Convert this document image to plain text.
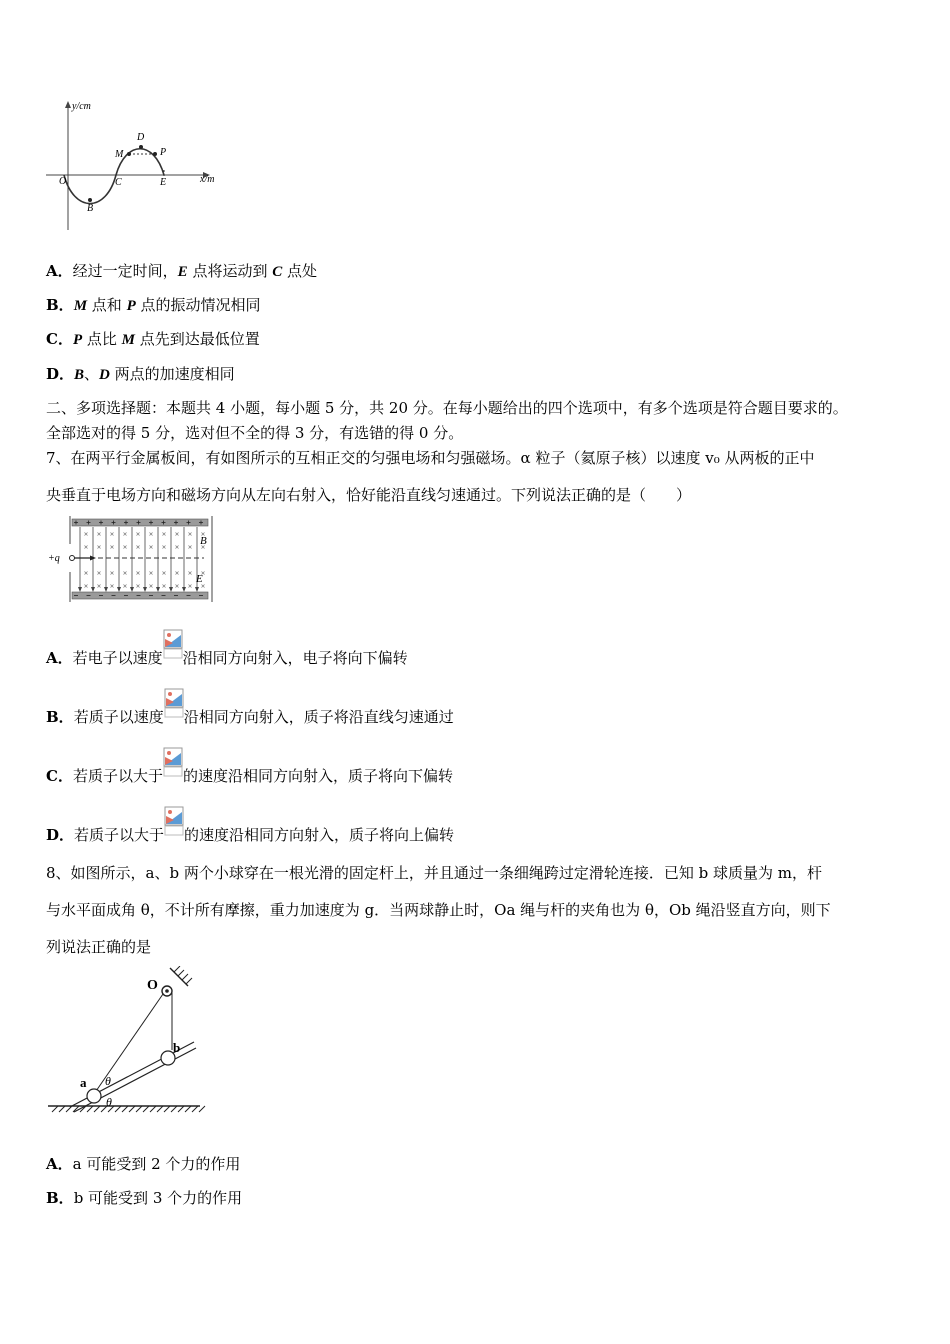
y/cm
x/m
O
B
C
M
D
P
E
A．经过一定时间，E 点将运动到 C 点处
B．M 点和 P 点的振动情况相同
C．P 点比 M 点先到达最低位置
D．B、D 两点的加速度相同
二、多项选择题：本题共 4 小题，每小题 5 分，共 20 分。在每小题给出的四个选项中，有多个选项是符合题目要求的。
全部选对的得 5 分，选对但不全的得 3 分，有选错的得 0 分。
7、在两平行金属板间，有如图所示的互相正交的匀强电场和匀强磁场。α 粒子（氦原子核）以速度 v₀ 从两板的正中
央垂直于电场方向和磁场方向从左向右射入，恰好能沿直线匀速通过。下列说法正确的是（　　）
+q
B
E
A．若电子以速度 沿相同方向射入，电子将向下偏转
B．若质子以速度 沿相同方向射入，质子将沿直线匀速通过
C．若质子以大于 的速度沿相同方向射入，质子将向下偏转
D．若质子以大于 的速度沿相同方向射入，质子将向上偏转
8、如图所示，a、b 两个小球穿在一根光滑的固定杆上，并且通过一条细绳跨过定滑轮连接．已知 b 球质量为 m，杆
与水平面成角 θ，不计所有摩擦，重力加速度为 g．当两球静止时，Oa 绳与杆的夹角也为 θ，Ob 绳沿竖直方向，则下
列说法正确的是
O
a
b
θ
θ
A．a 可能受到 2 个力的作用
B．b 可能受到 3 个力的作用
